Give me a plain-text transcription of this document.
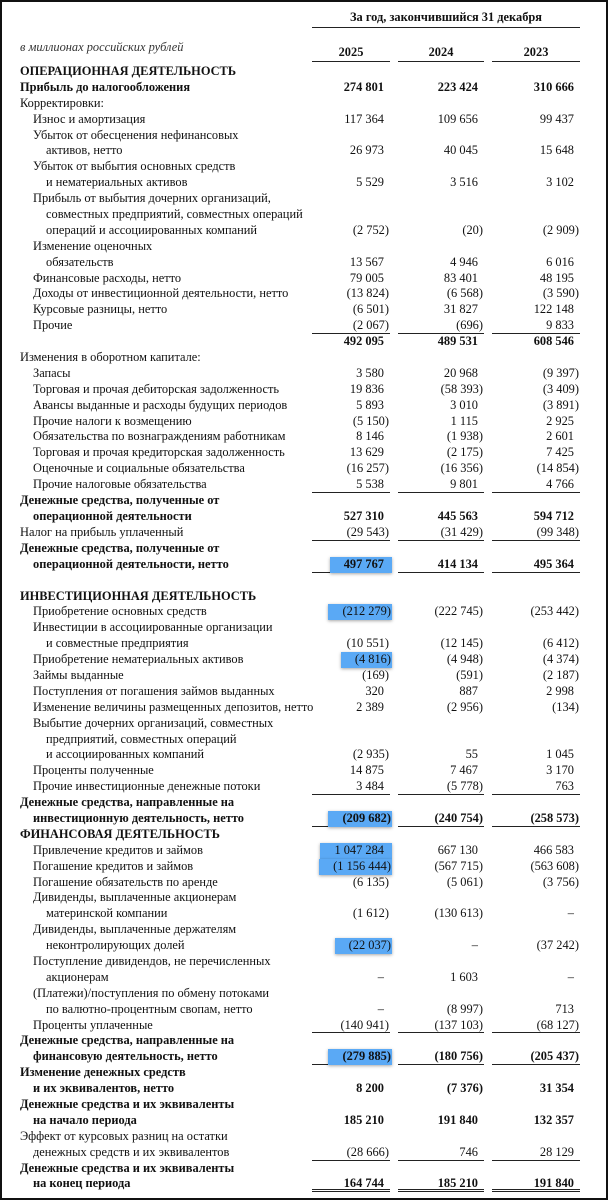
За год, закончившийся 31 декабря
в миллионах российских рублей	2025	2024	2023
ОПЕРАЦИОННАЯ ДЕЯТЕЛЬНОСТЬ
Прибыль до налогообложения	274 801	223 424	310 666
Корректировки:
Износ и амортизация	117 364	109 656	99 437
Убыток от обесценения нефинансовых
активов, нетто	26 973	40 045	15 648
Убыток от выбытия основных средств
и нематериальных активов	5 529	3 516	3 102
Прибыль от выбытия дочерних организаций,
совместных предприятий, совместных операций
операций и ассоциированных компаний	(2 752)	(20)	(2 909)
Изменение оценочных
обязательств	13 567	4 946	6 016
Финансовые расходы, нетто	79 005	83 401	48 195
Доходы от инвестиционной деятельности, нетто	(13 824)	(6 568)	(3 590)
Курсовые разницы, нетто	(6 501)	31 827	122 148
Прочие	(2 067)	(696)	9 833
492 095	489 531	608 546
Изменения в оборотном капитале:
Запасы	3 580	20 968	(9 397)
Торговая и прочая дебиторская задолженность	19 836	(58 393)	(3 409)
Авансы выданные и расходы будущих периодов	5 893	3 010	(3 891)
Прочие налоги к возмещению	(5 150)	1 115	2 925
Обязательства по вознаграждениям работникам	8 146	(1 938)	2 601
Торговая и прочая кредиторская задолженность	13 629	(2 175)	7 425
Оценочные и социальные обязательства	(16 257)	(16 356)	(14 854)
Прочие налоговые обязательства	5 538	9 801	4 766
Денежные средства, полученные от
операционной деятельности	527 310	445 563	594 712
Налог на прибыль уплаченный	(29 543)	(31 429)	(99 348)
Денежные средства, полученные от
операционной деятельности, нетто	497 767	414 134	495 364
ИНВЕСТИЦИОННАЯ ДЕЯТЕЛЬНОСТЬ
Приобретение основных средств	(212 279)	(222 745)	(253 442)
Инвестиции в ассоциированные организации
и совместные предприятия	(10 551)	(12 145)	(6 412)
Приобретение нематериальных активов	(4 816)	(4 948)	(4 374)
Займы выданные	(169)	(591)	(2 187)
Поступления от погашения займов выданных	320	887	2 998
Изменение величины размещенных депозитов, нетто	2 389	(2 956)	(134)
Выбытие дочерних организаций, совместных
предприятий, совместных операций
и ассоциированных компаний	(2 935)	55	1 045
Проценты полученные	14 875	7 467	3 170
Прочие инвестиционные денежные потоки	3 484	(5 778)	763
Денежные средства, направленные на
инвестиционную деятельность, нетто	(209 682)	(240 754)	(258 573)
ФИНАНСОВАЯ ДЕЯТЕЛЬНОСТЬ
Привлечение кредитов и займов	1 047 284	667 130	466 583
Погашение кредитов и займов	(1 156 444)	(567 715)	(563 608)
Погашение обязательств по аренде	(6 135)	(5 061)	(3 756)
Дивиденды, выплаченные акционерам
материнской компании	(1 612)	(130 613)	–
Дивиденды, выплаченные держателям
неконтролирующих долей	(22 037)	–	(37 242)
Поступление дивидендов, не перечисленных
акционерам	–	1 603	–
(Платежи)/поступления по обмену потоками
по валютно-процентным свопам, нетто	–	(8 997)	713
Проценты уплаченные	(140 941)	(137 103)	(68 127)
Денежные средства, направленные на
финансовую деятельность, нетто	(279 885)	(180 756)	(205 437)
Изменение денежных средств
и их эквивалентов, нетто	8 200	(7 376)	31 354
Денежные средства и их эквиваленты
на начало периода	185 210	191 840	132 357
Эффект от курсовых разниц на остатки
денежных средств и их эквивалентов	(28 666)	746	28 129
Денежные средства и их эквиваленты
на конец периода	164 744	185 210	191 840
